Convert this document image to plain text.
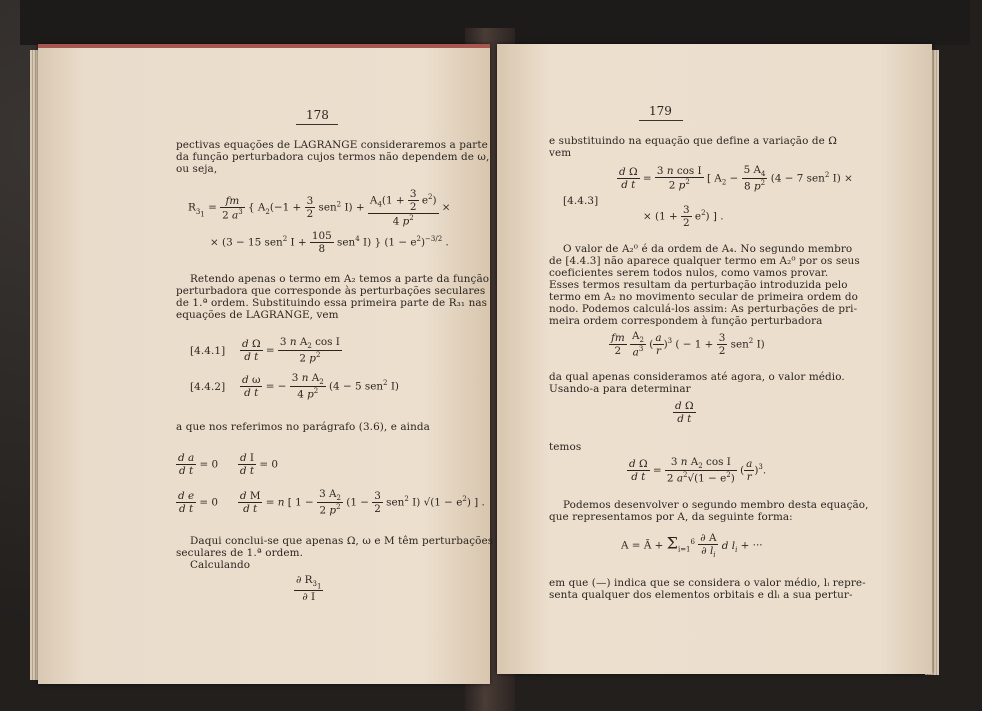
178
pectivas equações de LAGRANGE consideraremos a parte
da função perturbadora cujos termos não dependem de ω,
ou seja,
$R_{3_1} = \frac{fm}{2 a^3}$ { $A_2(-1 + \frac{3}{2} sen^2$ $I) + \frac{A_4(1 + \frac{3}{2} e^2)}{4 p^2}$ ×
× (3 − 15 sen$^2$ $I + \frac{105}{8} sen^4$ I) } $(1 - e^2)^{-3/2}$ .
Retendo apenas o termo em A₂ temos a parte da função
perturbadora que corresponde às perturbações seculares
de 1.ª ordem. Substituindo essa primeira parte de R₃₁ nas
equações de LAGRANGE, vem
$[4.4.1] \frac{\text{d Ω}}{\text{d t}} = \frac{3 n A_2 \cos I}{2 p^2}$
$[4.4.2] \frac{\text{d ω}}{\text{d t}}$ = − $\frac{3 n A_2}{4 p^2} (4 - 5$ sen$^2$ I)
a que nos referimos no parágrafo (3.6), e ainda
$\frac{\text{d a}}{\text{d t}} = 0 \frac{\text{d I}}{\text{d t}} = 0$
$\frac{\text{d e}}{\text{d t}} = 0 \frac{\text{d M}}{\text{d t}} = n$ [ $1 - \frac{3 A_2}{2 p^2} (1 - \frac{3}{2} sen^2$ I) $√(1 - e^2)$ ] .
Daqui conclui-se que apenas Ω, ω e M têm perturbações
seculares de 1.ª ordem.
Calculando
$\frac{\partial R_{3_1}}{\partial I}$
179
e substituindo na equação que define a variação de Ω
vem
$\frac{\text{d Ω}}{\text{d t}} = \frac{\text{3 n cos I}}{2 p^2}$ [ $A_2 - \frac{5 A_4}{8 p^2} (4 - 7$ sen$^2$ I) ×
[4.4.3]
× $(1 + \frac{3}{2} e^2)$ ] .
O valor de A₂⁰ é da ordem de A₄. No segundo membro
de [4.4.3] não aparece qualquer termo em A₂⁰ por os seus
coeficientes serem todos nulos, como vamos provar.
Esses termos resultam da perturbação introduzida pelo
termo em A₂ no movimento secular de primeira ordem do
nodo. Podemos calculá-los assim: As perturbações de pri-
meira ordem correspondem à função perturbadora
$\frac{fm}{2}$
$\frac{A_2}{a^3}$ ( $\frac{a}{r} )^3$ ( − $1 + \frac{3}{2} sen^2$ I)
da qual apenas consideramos até agora, o valor médio.
Usando-a para determinar
$\frac{\text{d Ω}}{\text{d t}}$
temos
$\frac{\text{d Ω}}{\text{d t}} = \frac{3 n A_2 \cos I}{2 a^2√(1 - e^2)}$ ( $\frac{a}{r} )^3$.
Podemos desenvolver o segundo membro desta equação,
que representamos por A, da seguinte forma:
A = Ā + $\Sigma_{i=1}^6 \frac{\partial A}{\partial l_i}$ d $l_i$ + ···
em que (—) indica que se considera o valor médio, lᵢ repre-
senta qualquer dos elementos orbitais e dlᵢ a sua pertur-
